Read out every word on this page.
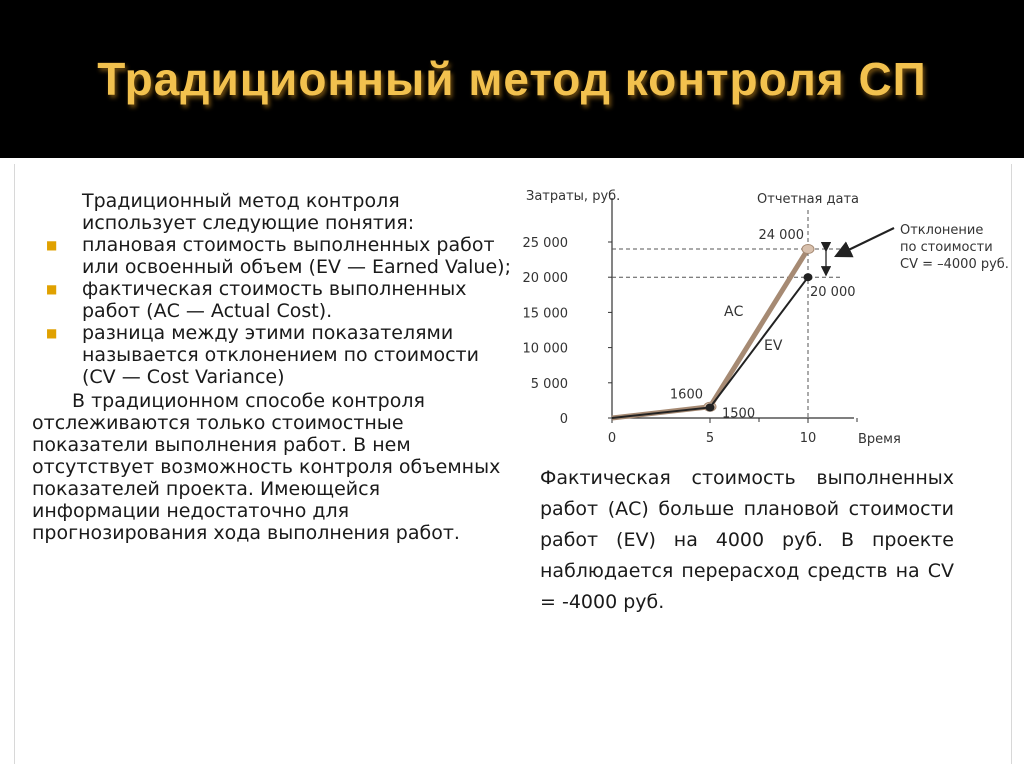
Традиционный метод контроля СП
Традиционный метод контроля использует следующие понятия:
■ плановая стоимость выполненных работ или освоенный объем (EV — Earned Value);
■ фактическая стоимость выполненных работ (АС — Actual Cost).
■ разница между этими показателями называется отклонением по стоимости (CV — Cost Variance)
В традиционном способе контроля
отслеживаются только стоимостные показатели выполнения работ. В нем отсутствует возможность контроля объемных показателей проекта. Имеющейся информации недостаточно для прогнозирования хода выполнения работ.
0
5 000
10 000
15 000
20 000
25 000
0	5	10
Затраты, руб.
Время
Отчетная дата
АС
EV
1600
1500
24 000
20 000
Отклонение по стоимости CV = –4000 руб.
Фактическая стоимость выполненных работ (АС) больше плановой стоимости работ (EV) на 4000 руб. В проекте наблюдается перерасход средств на CV = -4000 руб.
